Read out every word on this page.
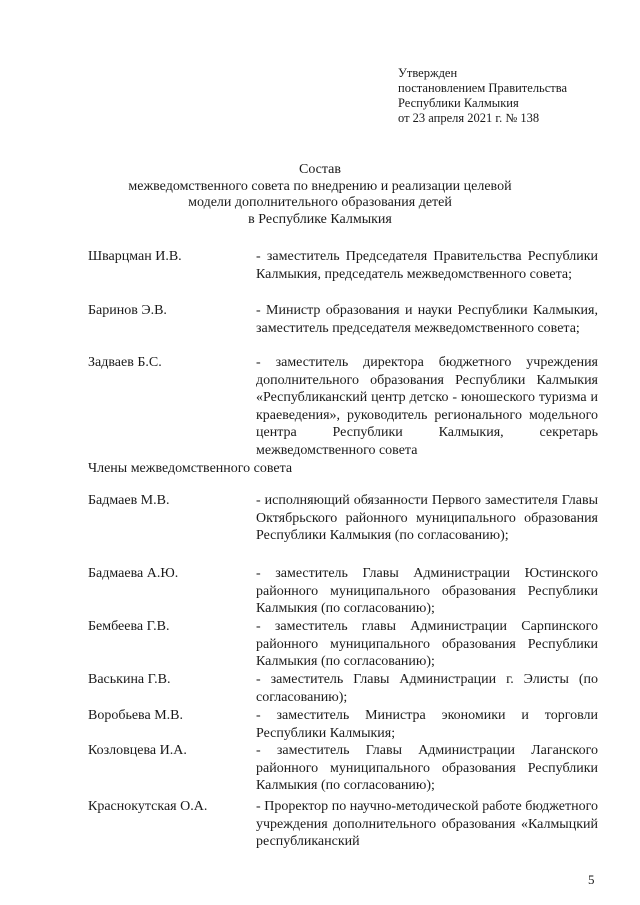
Утвержден
постановлением Правительства
Республики Калмыкия
от 23 апреля 2021 г. № 138
Состав
межведомственного совета по внедрению и реализации целевой
модели дополнительного образования детей
в Республике Калмыкия
Шварцман И.В.	- заместитель Председателя Правительства Республики Калмыкия, председатель межведомственного совета;
Баринов Э.В.	- Министр образования и науки Республики Калмыкия, заместитель председателя межведомственного совета;
Задваев Б.С.	- заместитель директора бюджетного учреждения дополнительного образования Республики Калмыкия «Республиканский центр детско - юношеского туризма и краеведения», руководитель регионального модельного центра Республики Калмыкия, секретарь межведомственного совета
Члены межведомственного совета
Бадмаев М.В.	- исполняющий обязанности Первого заместителя Главы Октябрьского районного муниципального образования Республики Калмыкия (по согласованию);
Бадмаева А.Ю.	- заместитель Главы Администрации Юстинского районного муниципального образования Республики Калмыкия (по согласованию);
Бембеева Г.В.	- заместитель главы Администрации Сарпинского районного муниципального образования Республики Калмыкия (по согласованию);
Васькина Г.В.	- заместитель Главы Администрации г. Элисты (по согласованию);
Воробьева М.В.	- заместитель Министра экономики и торговли Республики Калмыкия;
Козловцева И.А.	- заместитель Главы Администрации Лаганского районного муниципального образования Республики Калмыкия (по согласованию);
Краснокутская О.А.	- Проректор по научно-методической работе бюджетного учреждения дополнительного образования «Калмыцкий республиканский
5
